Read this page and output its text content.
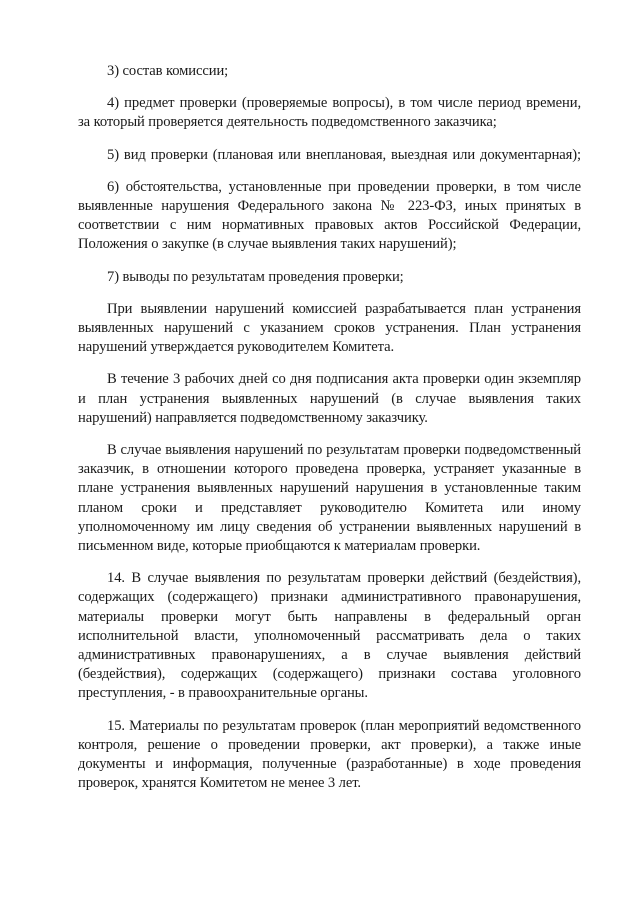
3) состав комиссии;

4) предмет проверки (проверяемые вопросы), в том числе период времени, за который проверяется деятельность подведомственного заказчика;

5) вид проверки (плановая или внеплановая, выездная или документарная);

6) обстоятельства, установленные при проведении проверки, в том числе выявленные нарушения Федерального закона № 223-ФЗ, иных принятых в соответствии с ним нормативных правовых актов Российской Федерации, Положения о закупке (в случае выявления таких нарушений);

7) выводы по результатам проведения проверки;

При выявлении нарушений комиссией разрабатывается план устранения выявленных нарушений с указанием сроков устранения. План устранения нарушений утверждается руководителем Комитета.

В течение 3 рабочих дней со дня подписания акта проверки один экземпляр и план устранения выявленных нарушений (в случае выявления таких нарушений) направляется подведомственному заказчику.

В случае выявления нарушений по результатам проверки подведомственный заказчик, в отношении которого проведена проверка, устраняет указанные в плане устранения выявленных нарушений нарушения в установленные таким планом сроки и представляет руководителю Комитета или иному уполномоченному им лицу сведения об устранении выявленных нарушений в письменном виде, которые приобщаются к материалам проверки.

14. В случае выявления по результатам проверки действий (бездействия), содержащих (содержащего) признаки административного правонарушения, материалы проверки могут быть направлены в федеральный орган исполнительной власти, уполномоченный рассматривать дела о таких административных правонарушениях, а в случае выявления действий (бездействия), содержащих (содержащего) признаки состава уголовного преступления, - в правоохранительные органы.

15. Материалы по результатам проверок (план мероприятий ведомственного контроля, решение о проведении проверки, акт проверки), а также иные документы и информация, полученные (разработанные) в ходе проведения проверок, хранятся Комитетом не менее 3 лет.
